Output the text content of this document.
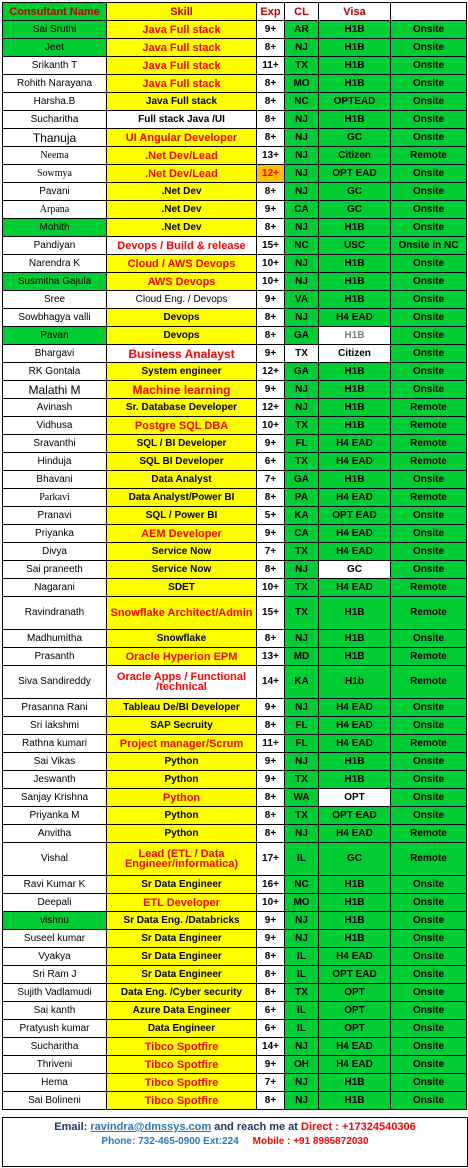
Consultant Name	Skill	Exp	CL	Visa	
Sai Sruthi	Java Full stack	9+	AR	H1B	Onsite
Jeet	Java Full stack	8+	NJ	H1B	Onsite
Srikanth T	Java Full stack	11+	TX	H1B	Onsite
Rohith Narayana	Java Full stack	8+	MO	H1B	Onsite
Harsha.B	Java Full stack	8+	NC	OPTEAD	Onsite
Sucharitha	Full stack Java /UI	8+	NJ	H1B	Onsite
Thanuja	UI Angular Developer	8+	NJ	GC	Onsite
Neema	.Net Dev/Lead	13+	NJ	Citizen	Remote
Sowmya	.Net Dev/Lead	12+	NJ	OPT EAD	Onsite
Pavani	.Net Dev	8+	NJ	GC	Onsite
Arpana	.Net Dev	9+	CA	GC	Onsite
Mohith	.Net Dev	8+	NJ	H1B	Onsite
Pandiyan	Devops / Build & release	15+	NC	USC	Onsite in NC
Narendra K	Cloud / AWS Devops	10+	NJ	H1B	Onsite
Susmitha Gajula	AWS Devops	10+	NJ	H1B	Onsite
Sree	Cloud Eng. / Devops	9+	VA	H1B	Onsite
Sowbhagya valli	Devops	8+	NJ	H4 EAD	Onsite
Pavan	Devops	8+	GA	H1B	Onsite
Bhargavi	Business Analayst	9+	TX	Citizen	Onsite
RK Gontala	System engineer	12+	GA	H1B	Onsite
Malathi M	Machine learning	9+	NJ	H1B	Onsite
Avinash	Sr. Database Developer	12+	NJ	H1B	Remote
Vidhusa	Postgre SQL DBA	10+	TX	H1B	Remote
Sravanthi	SQL / BI Developer	9+	FL	H4 EAD	Remote
Hinduja	SQL BI Developer	6+	TX	H4 EAD	Remote
Bhavani	Data Analyst	7+	GA	H1B	Onsite
Parkavi	Data Analyst/Power BI	8+	PA	H4 EAD	Remote
Pranavi	SQL / Power BI	5+	KA	OPT EAD	Onsite
Priyanka	AEM Developer	9+	CA	H4 EAD	Onsite
Divya	Service Now	7+	TX	H4 EAD	Onsite
Sai praneeth	Service Now	8+	NJ	GC	Onsite
Nagarani	SDET	10+	TX	H4 EAD	Remote
Ravindranath	Snowflake Architect/Admin	15+	TX	H1B	Remote
Madhumitha	Snowflake	8+	NJ	H1B	Onsite
Prasanth	Oracle Hyperion EPM	13+	MD	H1B	Remote
Siva Sandireddy	Oracle Apps / Functional /technical	14+	KA	H1b	Remote
Prasanna Rani	Tableau De/BI Developer	9+	NJ	H4 EAD	Onsite
Sri lakshmi	SAP Secruity	8+	FL	H4 EAD	Onsite
Rathna kumari	Project manager/Scrum	11+	FL	H4 EAD	Remote
Sai Vikas	Python	9+	NJ	H1B	Onsite
Jeswanth	Python	9+	TX	H1B	Onsite
Sanjay Krishna	Python	8+	WA	OPT	Onsite
Priyanka M	Python	8+	TX	OPT EAD	Onsite
Anvitha	Python	8+	NJ	H4 EAD	Remote
Vishal	Lead (ETL / Data Engineer/informatica)	17+	IL	GC	Remote
Ravi Kumar K	Sr Data Engineer	16+	NC	H1B	Onsite
Deepali	ETL Developer	10+	MO	H1B	Onsite
vishnu	Sr Data Eng. /Databricks	9+	NJ	H1B	Onsite
Suseel kumar	Sr Data Engineer	9+	NJ	H1B	Onsite
Vyakya	Sr Data Engineer	8+	IL	H4 EAD	Onsite
Sri Ram J	Sr Data Engineer	8+	IL	OPT EAD	Onsite
Sujith Vadlamudi	Data Eng. /Cyber security	8+	TX	OPT	Onsite
Sai kanth	Azure Data Engineer	6+	IL	OPT	Onsite
Pratyush kumar	Data Engineer	6+	IL	OPT	Onsite
Sucharitha	Tibco Spotfire	14+	NJ	H4 EAD	Onsite
Thriveni	Tibco Spotfire	9+	OH	H4 EAD	Onsite
Hema	Tibco Spotfire	7+	NJ	H1B	Onsite
Sai Bolineni	Tibco Spotfire	8+	NJ	H1B	Onsite
Email: ravindra@dmssys.com and reach me at Direct : +17324540306
Phone: 732-465-0900 Ext:224 Mobile : +91 8985872030
